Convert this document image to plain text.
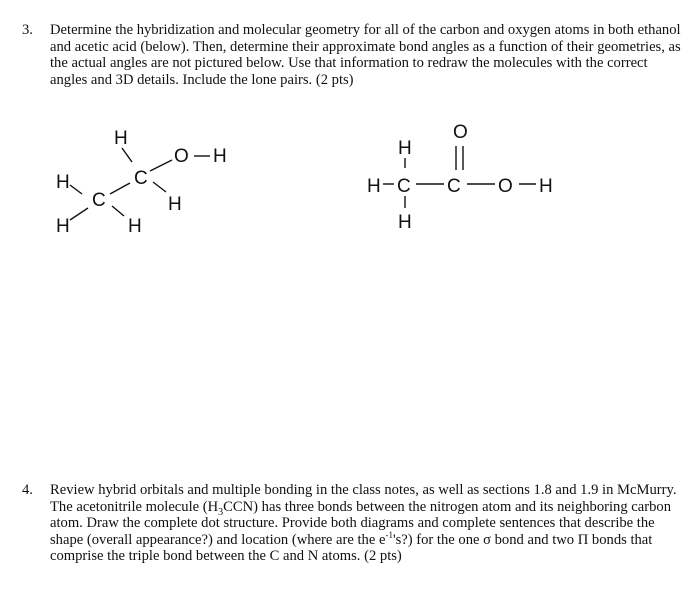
3. Determine the hybridization and molecular geometry for all of the carbon and oxygen atoms in both ethanol and acetic acid (below). Then, determine their approximate bond angles as a function of their geometries, as the actual angles are not pictured below. Use that information to redraw the molecules with the correct angles and 3D details. Include the lone pairs. (2 pts)
H
O H
C
H
H
C
H	H
H
O
H C C O H
H
4. Review hybrid orbitals and multiple bonding in the class notes, as well as sections 1.8 and 1.9 in McMurry. The acetonitrile molecule $(H_3CCN)$ has three bonds between the nitrogen atom and its neighboring carbon atom. Draw the complete dot structure. Provide both diagrams and complete sentences that describe the shape (overall appearance?) and location (where are the $e^{-1}'s$?) for the one σ bond and two Π bonds that comprise the triple bond between the C and N atoms. (2 pts)
